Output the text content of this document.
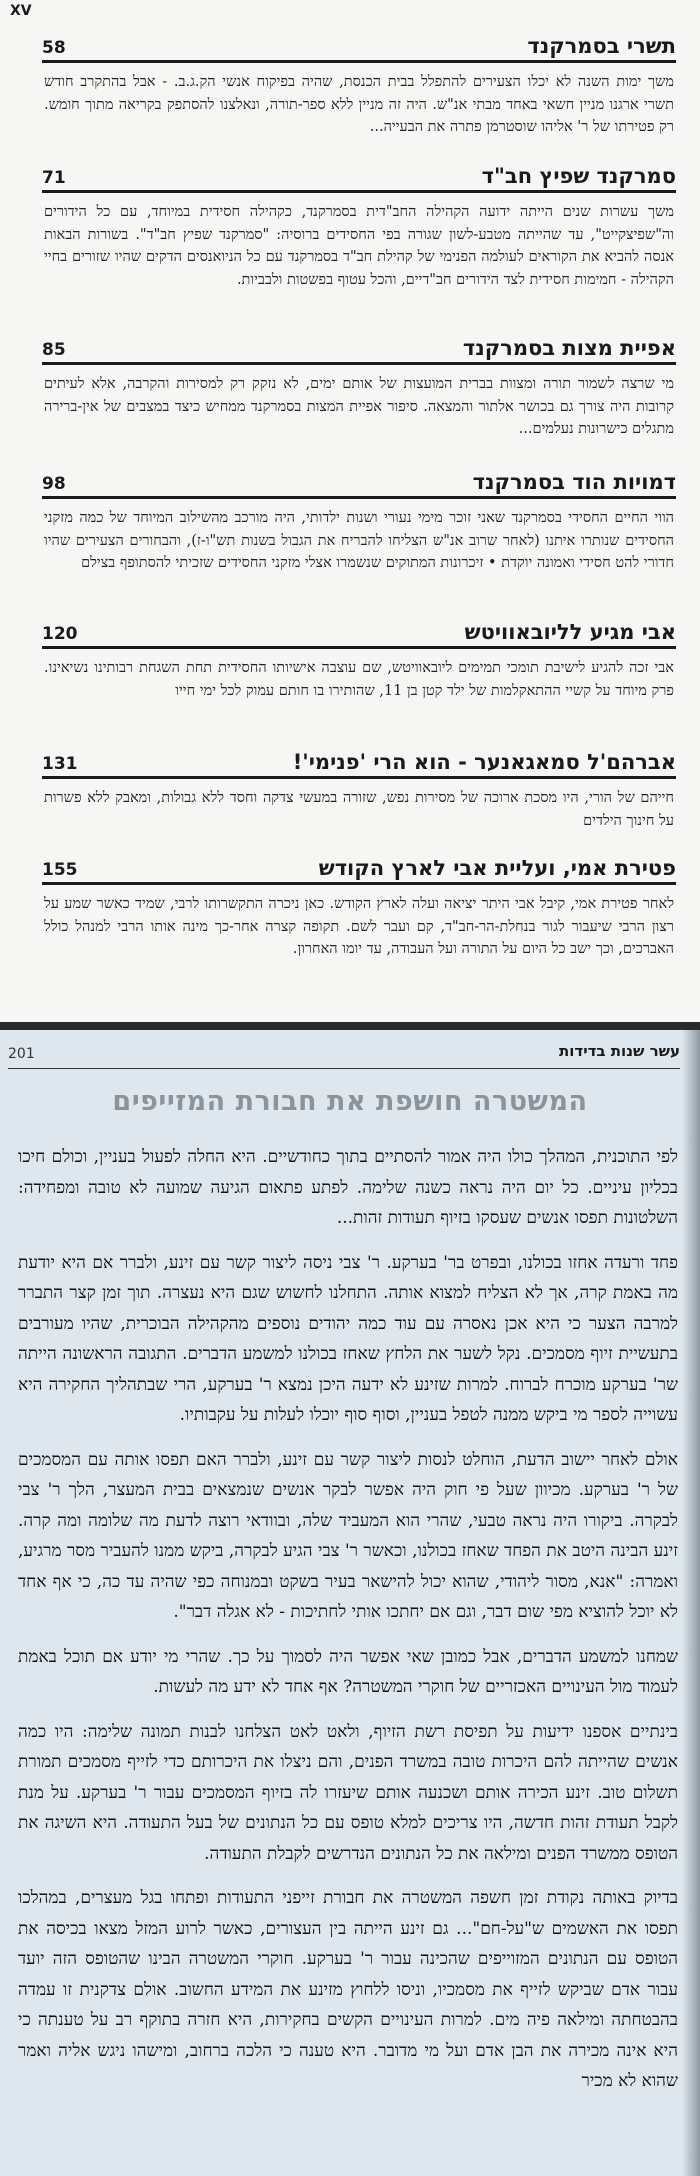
XV
תשרי בסמרקנד
58
משך ימות השנה לא יכלו הצעירים להתפלל בבית הכנסת, שהיה בפיקוח אנשי הק.ג.ב. - אבל בהתקרב חודש תשרי ארגנו מניין חשאי באחד מבתי אנ"ש. היה זה מניין ללא ספר-תורה, ונאלצנו להסתפק בקריאה מתוך חומש. רק פטירתו של ר' אליהו שוסטרמן פתרה את הבעייה...
סמרקנד שפיץ חב"ד
71
משך עשרות שנים הייתה ידועה הקהילה החב"דית בסמרקנד, כקהילה חסידית במיוחד, עם כל הידורים וה"שפיצקייט", עד שהייתה מטבע-לשון שגורה בפי החסידים ברוסיה: "סמרקנד שפיץ חב"ד". בשורות הבאות אנסה להביא את הקוראים לעולמה הפנימי של קהילת חב"ד בסמרקנד עם כל הניואנסים הדקים שהיו שזורים בחיי הקהילה - חמימות חסידית לצד הידורים חב"דיים, והכל עטוף בפשטות ולבביות.
אפיית מצות בסמרקנד
85
מי שרצה לשמור תורה ומצוות בברית המועצות של אותם ימים, לא נזקק רק למסירות והקרבה, אלא לעיתים קרובות היה צורך גם בכושר אלתור והמצאה. סיפור אפיית המצות בסמרקנד ממחיש כיצד במצבים של אין-ברירה מתגלים כישרונות נעלמים...
דמויות הוד בסמרקנד
98
הווי החיים החסידי בסמרקנד שאני זוכר מימי נעורי ושנות ילדותי, היה מורכב מהשילוב המיוחד של כמה מזקני החסידים שנותרו איתנו (לאחר שרוב אנ"ש הצליחו להבריח את הגבול בשנות תש"ו-ז), והבחורים הצעירים שהיו חדורי להט חסידי ואמונה יוקדת • זיכרונות המתוקים שנשמרו אצלי מזקני החסידים שזכיתי להסתופף בצילם
אבי מגיע לליובאוויטש
120
אבי זכה להגיע לישיבת תומכי תמימים ליובאוויטש, שם עוצבה אישיותו החסידית תחת השגחת רבותינו נשיאינו. פרק מיוחד על קשיי ההתאקלמות של ילד קטן בן 11, שהותירו בו חותם עמוק לכל ימי חייו
אברהם'ל סמאגאנער - הוא הרי 'פנימי'!
131
חייהם של הורי, היו מסכת ארוכה של מסירות נפש, שזורה במעשי צדקה וחסד ללא גבולות, ומאבק ללא פשרות על חינוך הילדים
פטירת אמי, ועליית אבי לארץ הקודש
155
לאחר פטירת אמי, קיבל אבי היתר יציאה ועלה לארץ הקודש. כאן ניכרה התקשרותו לרבי, שמיד כאשר שמע על רצון הרבי שיעבור לגור בנחלת-הר-חב"ד, קם ועבר לשם. תקופה קצרה אחר-כך מינה אותו הרבי למנהל כולל האברכים, וכך ישב כל היום על התורה ועל העבודה, עד יומו האחרון.
201	עשר שנות בדידות
המשטרה חושפת את חבורת המזייפים

לפי התוכנית, המהלך כולו היה אמור להסתיים בתוך כחודשיים. היא החלה לפעול בעניין, וכולם חיכו בכליון עיניים. כל יום היה נראה כשנה שלימה. לפתע פתאום הגיעה שמועה לא טובה ומפחידה: השלטונות תפסו אנשים שעסקו בזיוף תעודות זהות...

פחד ורעדה אחזו בכולנו, ובפרט בר' בערקע. ר' צבי ניסה ליצור קשר עם זינע, ולברר אם היא יודעת מה באמת קרה, אך לא הצליח למצוא אותה. התחלנו לחשוש שגם היא נעצרה. תוך זמן קצר התברר למרבה הצער כי היא אכן נאסרה עם עוד כמה יהודים נוספים מהקהילה הבוכרית, שהיו מעורבים בתעשיית זיוף מסמכים. נקל לשער את הלחץ שאחז בכולנו למשמע הדברים. התגובה הראשונה הייתה שר' בערקע מוכרח לברוח. למרות שזינע לא ידעה היכן נמצא ר' בערקע, הרי שבתהליך החקירה היא עשוייה לספר מי ביקש ממנה לטפל בעניין, וסוף סוף יוכלו לעלות על עקבותיו.

אולם לאחר יישוב הדעת, הוחלט לנסות ליצור קשר עם זינע, ולברר האם תפסו אותה עם המסמכים של ר' בערקע. מכיוון שעל פי חוק היה אפשר לבקר אנשים שנמצאים בבית המעצר, הלך ר' צבי לבקרה. ביקורו היה נראה טבעי, שהרי הוא המעביד שלה, ובוודאי רוצה לדעת מה שלומה ומה קרה. זינע הבינה היטב את הפחד שאחז בכולנו, וכאשר ר' צבי הגיע לבקרה, ביקש ממנו להעביר מסר מרגיע, ואמרה: "אנא, מסור ליהודי, שהוא יכול להישאר בעיר בשקט ובמנוחה כפי שהיה עד כה, כי אף אחד לא יוכל להוציא מפי שום דבר, וגם אם יחתכו אותי לחתיכות - לא אגלה דבר".

שמחנו למשמע הדברים, אבל כמובן שאי אפשר היה לסמוך על כך. שהרי מי יודע אם תוכל באמת לעמוד מול העינויים האכזריים של חוקרי המשטרה? אף אחד לא ידע מה לעשות.

בינתיים אספנו ידיעות על תפיסת רשת הזיוף, ולאט לאט הצלחנו לבנות תמונה שלימה: היו כמה אנשים שהייתה להם היכרות טובה במשרד הפנים, והם ניצלו את היכרותם כדי לזייף מסמכים תמורת תשלום טוב. זינע הכירה אותם ושכנעה אותם שיעזרו לה בזיוף המסמכים עבור ר' בערקע. על מנת לקבל תעודת זהות חדשה, היו צריכים למלא טופס עם כל הנתונים של בעל התעודה. היא השיגה את הטופס ממשרד הפנים ומילאה את כל הנתונים הנדרשים לקבלת התעודה.

בדיוק באותה נקודת זמן חשפה המשטרה את חבורת זייפני התעודות ופתחו בגל מעצרים, במהלכו תפסו את האשמים ש"על-חם"... גם זינע הייתה בין העצורים, כאשר לרוע המזל מצאו בכיסה את הטופס עם הנתונים המזוייפים שהכינה עבור ר' בערקע. חוקרי המשטרה הבינו שהטופס הזה יועד עבור אדם שביקש לזייף את מסמכיו, וניסו ללחוץ מזינע את המידע החשוב. אולם צדקנית זו עמדה בהבטחתה ומילאה פיה מים. למרות העינויים הקשים בחקירות, היא חזרה בתוקף רב על טענתה כי היא אינה מכירה את הבן אדם ועל מי מדובר. היא טענה כי הלכה ברחוב, ומישהו ניגש אליה ואמר שהוא לא מכיר
